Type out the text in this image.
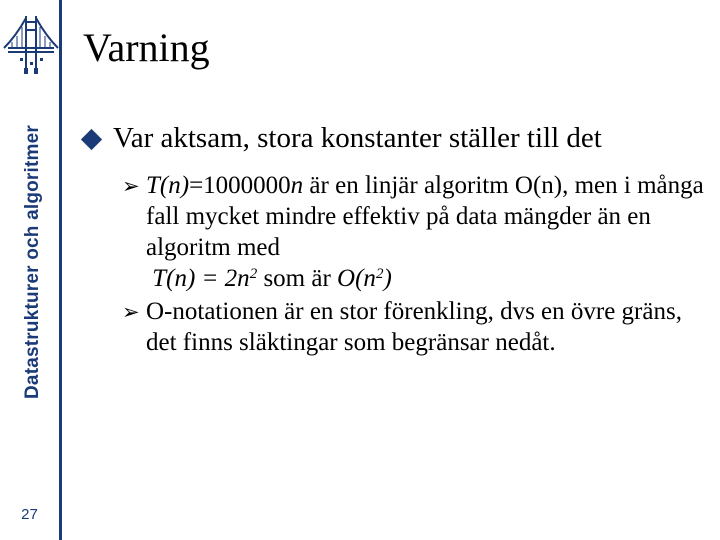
Datastrukturer och algoritmer
27
Varning
Var aktsam, stora konstanter ställer till det
➢ T(n)=1000000n är en linjär algoritm O(n), men i många fall mycket mindre effektiv på data mängder än en algoritm med
$T(n) = 2n^2$ som är $O(n^2)$
➢ O-notationen är en stor förenkling, dvs en övre gräns, det finns släktingar som begränsar nedåt.
